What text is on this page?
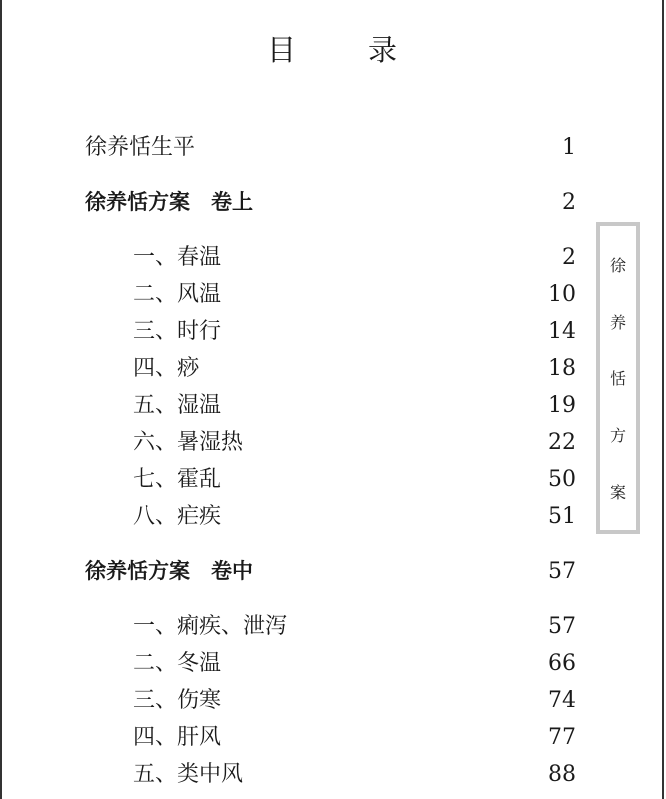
目 录
徐养恬生平	1
徐养恬方案　卷上	2
一、春温	2
二、风温	10
三、时行	14
四、痧	18
五、湿温	19
六、暑湿热	22
七、霍乱	50
八、疟疾	51
徐养恬方案　卷中	57
一、痢疾、泄泻	57
二、冬温	66
三、伤寒	74
四、肝风	77
五、类中风	88
徐
养
恬
方
案
